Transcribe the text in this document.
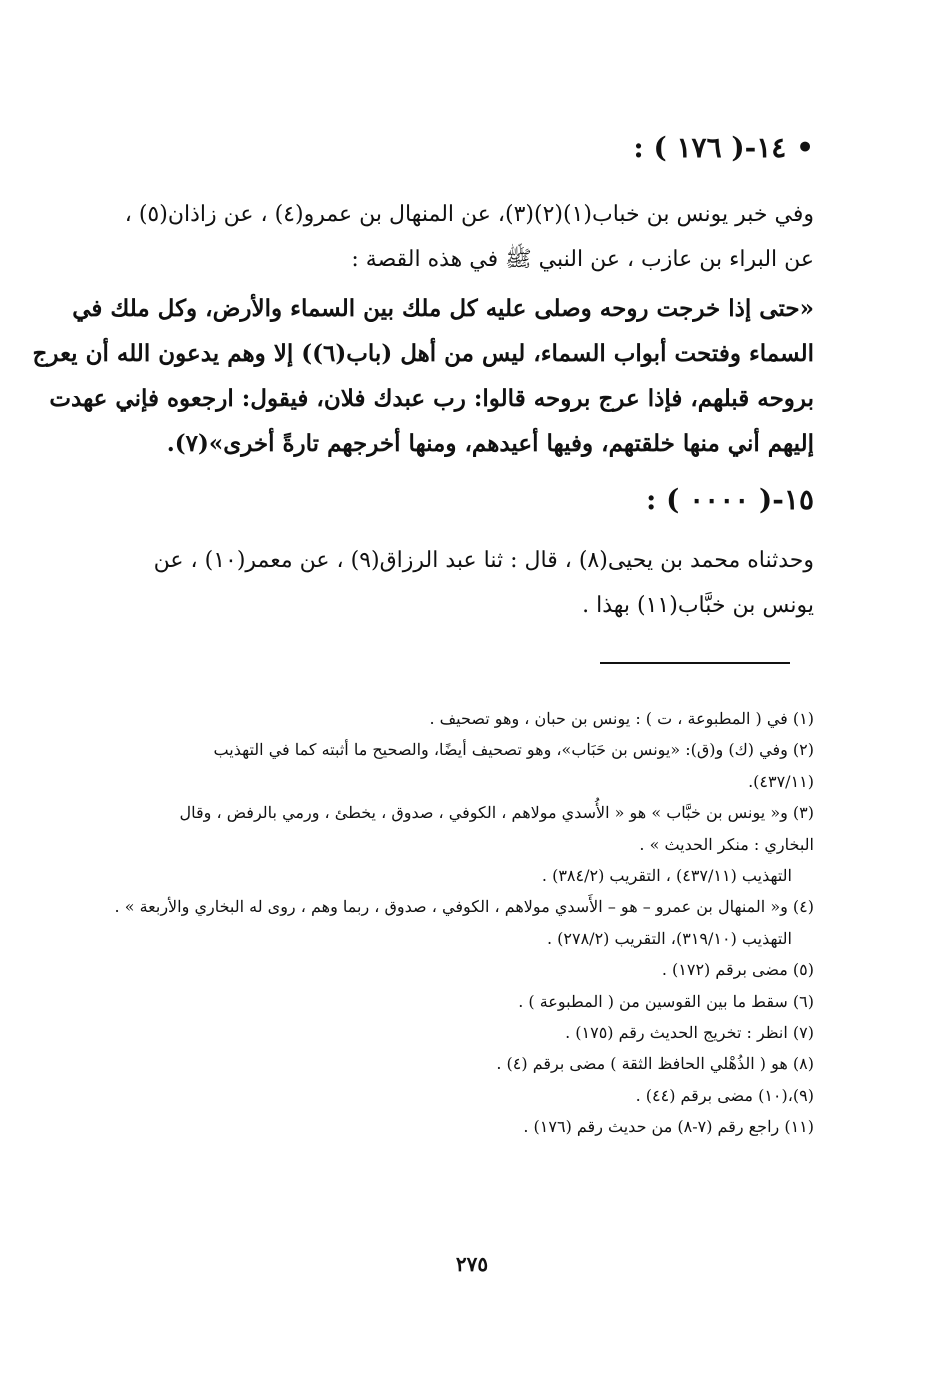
• ١٤-( ١٧٦ ) :
وفي خبر يونس بن خباب(١)(٢)(٣)، عن المنهال بن عمرو(٤) ، عن زاذان(٥) ،
عن البراء بن عازب ، عن النبي ﷺ في هذه القصة :
«حتى إذا خرجت روحه وصلى عليه كل ملك بين السماء والأرض، وكل ملك في
السماء وفتحت أبواب السماء، ليس من أهل (باب(٦)) إلا وهم يدعون الله أن يعرج
بروحه قبلهم، فإذا عرج بروحه قالوا: رب عبدك فلان، فيقول: ارجعوه فإني عهدت
إليهم أني منها خلقتهم، وفيها أعيدهم، ومنها أخرجهم تارةً أخرى»(٧).
١٥-( ٠٠٠٠ ) :
وحدثناه محمد بن يحيى(٨) ، قال : ثنا عبد الرزاق(٩) ، عن معمر(١٠) ، عن
يونس بن خبَّاب(١١) بهذا .
(١) في ( المطبوعة ، ت ) : يونس بن حبان ، وهو تصحيف .
(٢) وفي (ك) و(ق): «يونس بن حَبَاب»، وهو تصحيف أيضًا، والصحيح ما أثبته كما في التهذيب
(٤٣٧/١١).
(٣) و« يونس بن خبَّاب » هو « الأُسدي مولاهم ، الكوفي ، صدوق ، يخطئ ، ورمي بالرفض ، وقال
البخاري : منكر الحديث » .
التهذيب (٤٣٧/١١) ، التقريب (٣٨٤/٢) .
(٤) و« المنهال بن عمرو – هو – الأَسدي مولاهم ، الكوفي ، صدوق ، ربما وهم ، روى له البخاري والأربعة » .
التهذيب (٣١٩/١٠)، التقريب (٢٧٨/٢) .
(٥) مضى برقم (١٧٢) .
(٦) سقط ما بين القوسين من ( المطبوعة ) .
(٧) انظر : تخريج الحديث رقم (١٧٥) .
(٨) هو ( الذُهْلي الحافظ الثقة ) مضى برقم (٤) .
(٩)،(١٠) مضى برقم (٤٤) .
(١١) راجع رقم (٧-٨) من حديث رقم (١٧٦) .
٢٧٥
